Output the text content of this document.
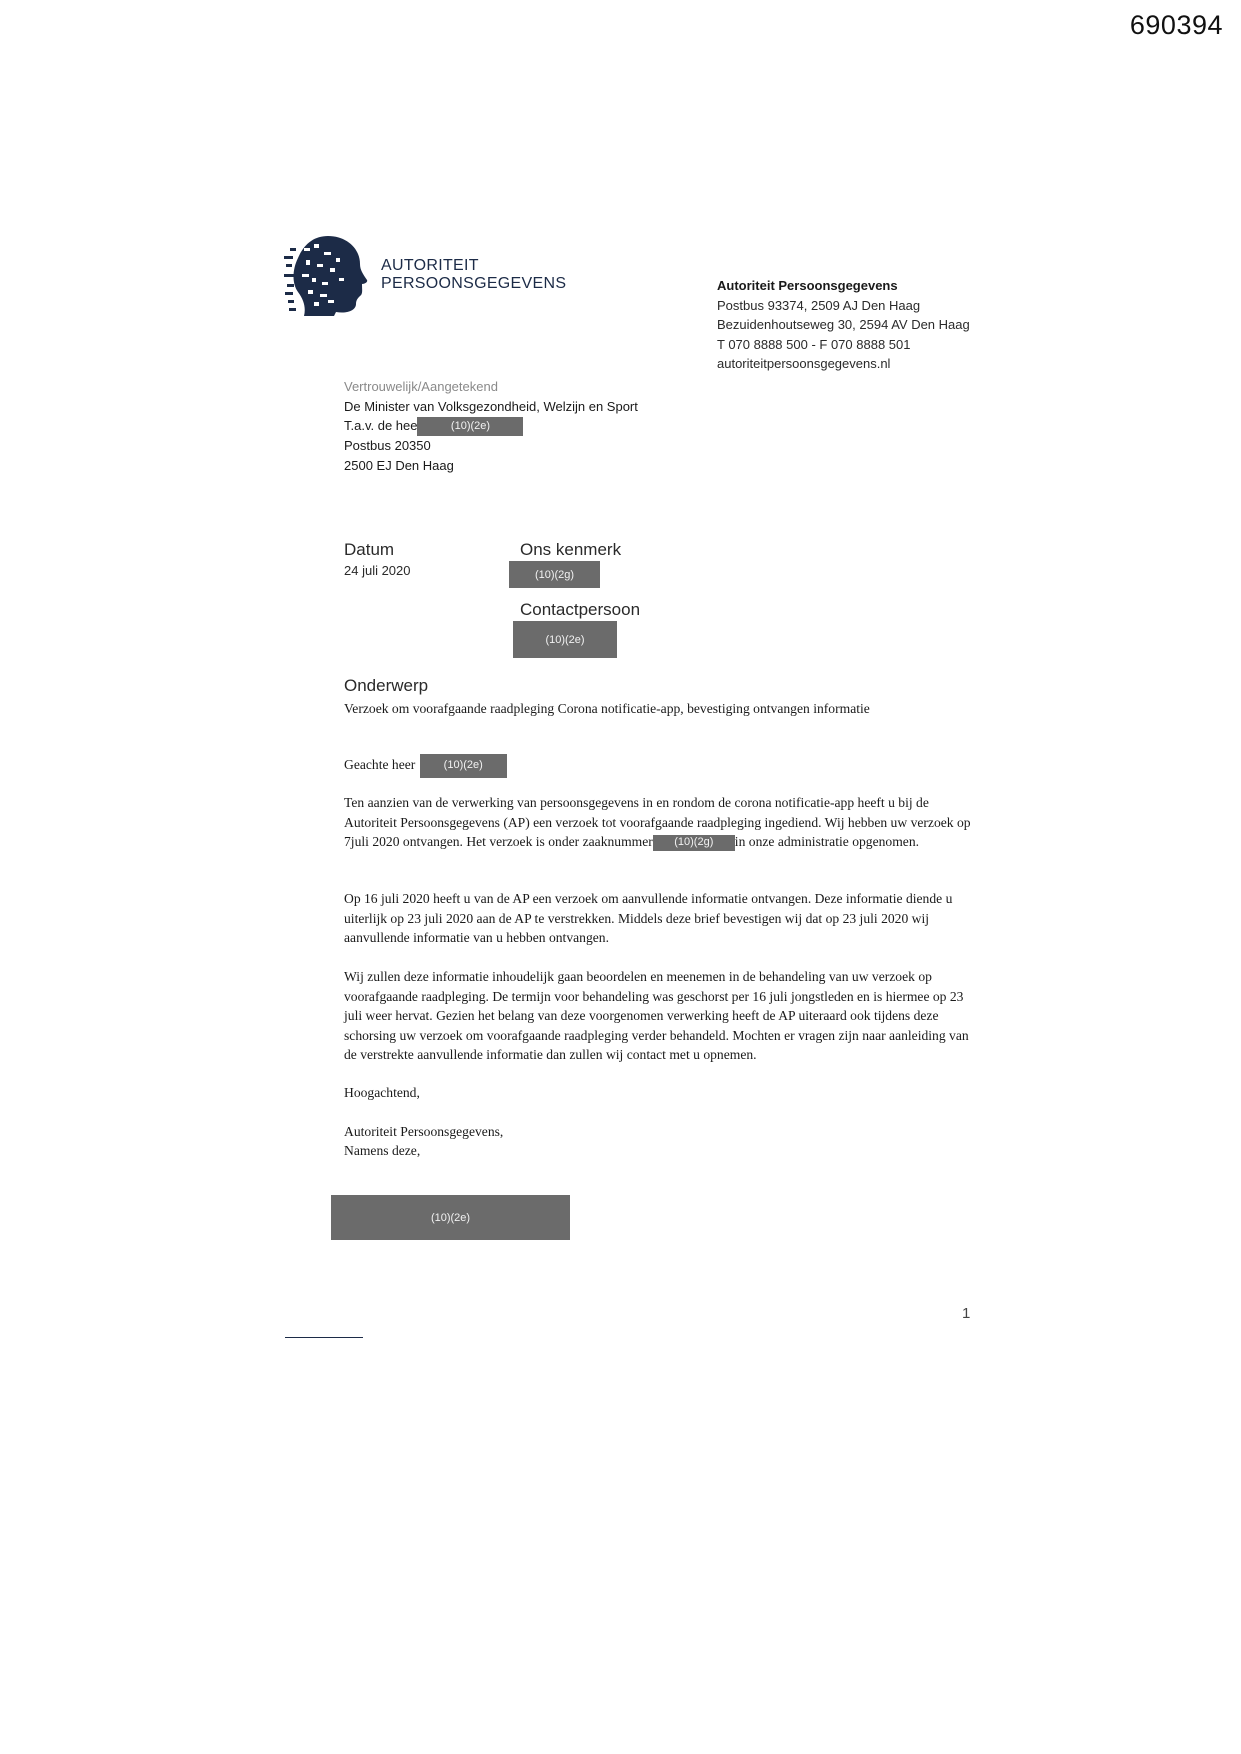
690394
AUTORITEIT
PERSOONSGEGEVENS	Autoriteit Persoonsgegevens
Postbus 93374, 2509 AJ Den Haag
Bezuidenhoutseweg 30, 2594 AV Den Haag
T 070 8888 500 - F 070 8888 501
autoriteitpersoonsgegevens.nl
Vertrouwelijk/Aangetekend
De Minister van Volksgezondheid, Welzijn en Sport
T.a.v. de hee	(10)(2e)
Postbus 20350
2500 EJ Den Haag
Datum
24 juli 2020
Ons kenmerk
(10)(2g)
Contactpersoon
(10)(2e)
Onderwerp
Verzoek om voorafgaande raadpleging Corona notificatie-app, bevestiging ontvangen informatie
Geachte heer	(10)(2e)

Ten aanzien van de verwerking van persoonsgegevens in en rondom de corona notificatie-app heeft u bij de Autoriteit Persoonsgegevens (AP) een verzoek tot voorafgaande raadpleging ingediend. Wij hebben uw verzoek op 7juli 2020 ontvangen. Het verzoek is onder zaaknummer (10)(2g) in onze administratie opgenomen.

Op 16 juli 2020 heeft u van de AP een verzoek om aanvullende informatie ontvangen. Deze informatie diende u uiterlijk op 23 juli 2020 aan de AP te verstrekken. Middels deze brief bevestigen wij dat op 23 juli 2020 wij aanvullende informatie van u hebben ontvangen.
Wij zullen deze informatie inhoudelijk gaan beoordelen en meenemen in de behandeling van uw verzoek op voorafgaande raadpleging. De termijn voor behandeling was geschorst per 16 juli jongstleden en is hiermee op 23 juli weer hervat. Gezien het belang van deze voorgenomen verwerking heeft de AP uiteraard ook tijdens deze schorsing uw verzoek om voorafgaande raadpleging verder behandeld. Mochten er vragen zijn naar aanleiding van de verstrekte aanvullende informatie dan zullen wij contact met u opnemen.
Hoogachtend,
Autoriteit Persoonsgegevens,
Namens deze,
(10)(2e)
1
